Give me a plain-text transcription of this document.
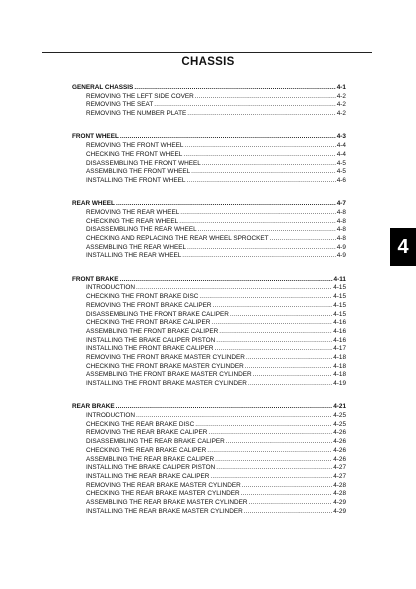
CHASSIS
GENERAL CHASSIS .....	4-1
REMOVING THE LEFT SIDE COVER .....	4-2
REMOVING THE SEAT .....	4-2
REMOVING THE NUMBER PLATE .....	4-2
FRONT WHEEL .....	4-3
REMOVING THE FRONT WHEEL .....	4-4
CHECKING THE FRONT WHEEL .....	4-4
DISASSEMBLING THE FRONT WHEEL .....	4-5
ASSEMBLING THE FRONT WHEEL .....	4-5
INSTALLING THE FRONT WHEEL .....	4-6
REAR WHEEL .....	4-7
REMOVING THE REAR WHEEL .....	4-8
CHECKING THE REAR WHEEL .....	4-8
DISASSEMBLING THE REAR WHEEL .....	4-8
CHECKING AND REPLACING THE REAR WHEEL SPROCKET .....	4-8
ASSEMBLING THE REAR WHEEL .....	4-9
INSTALLING THE REAR WHEEL .....	4-9
FRONT BRAKE .....	4-11
INTRODUCTION .....	4-15
CHECKING THE FRONT BRAKE DISC .....	4-15
REMOVING THE FRONT BRAKE CALIPER .....	4-15
DISASSEMBLING THE FRONT BRAKE CALIPER .....	4-15
CHECKING THE FRONT BRAKE CALIPER .....	4-16
ASSEMBLING THE FRONT BRAKE CALIPER .....	4-16
INSTALLING THE BRAKE CALIPER PISTON .....	4-16
INSTALLING THE FRONT BRAKE CALIPER .....	4-17
REMOVING THE FRONT BRAKE MASTER CYLINDER .....	4-18
CHECKING THE FRONT BRAKE MASTER CYLINDER .....	4-18
ASSEMBLING THE FRONT BRAKE MASTER CYLINDER .....	4-18
INSTALLING THE FRONT BRAKE MASTER CYLINDER .....	4-19
REAR BRAKE .....	4-21
INTRODUCTION .....	4-25
CHECKING THE REAR BRAKE DISC .....	4-25
REMOVING THE REAR BRAKE CALIPER .....	4-26
DISASSEMBLING THE REAR BRAKE CALIPER .....	4-26
CHECKING THE REAR BRAKE CALIPER .....	4-26
ASSEMBLING THE REAR BRAKE CALIPER .....	4-26
INSTALLING THE BRAKE CALIPER PISTON .....	4-27
INSTALLING THE REAR BRAKE CALIPER .....	4-27
REMOVING THE REAR BRAKE MASTER CYLINDER .....	4-28
CHECKING THE REAR BRAKE MASTER CYLINDER .....	4-28
ASSEMBLING THE REAR BRAKE MASTER CYLINDER .....	4-29
INSTALLING THE REAR BRAKE MASTER CYLINDER .....	4-29
4
